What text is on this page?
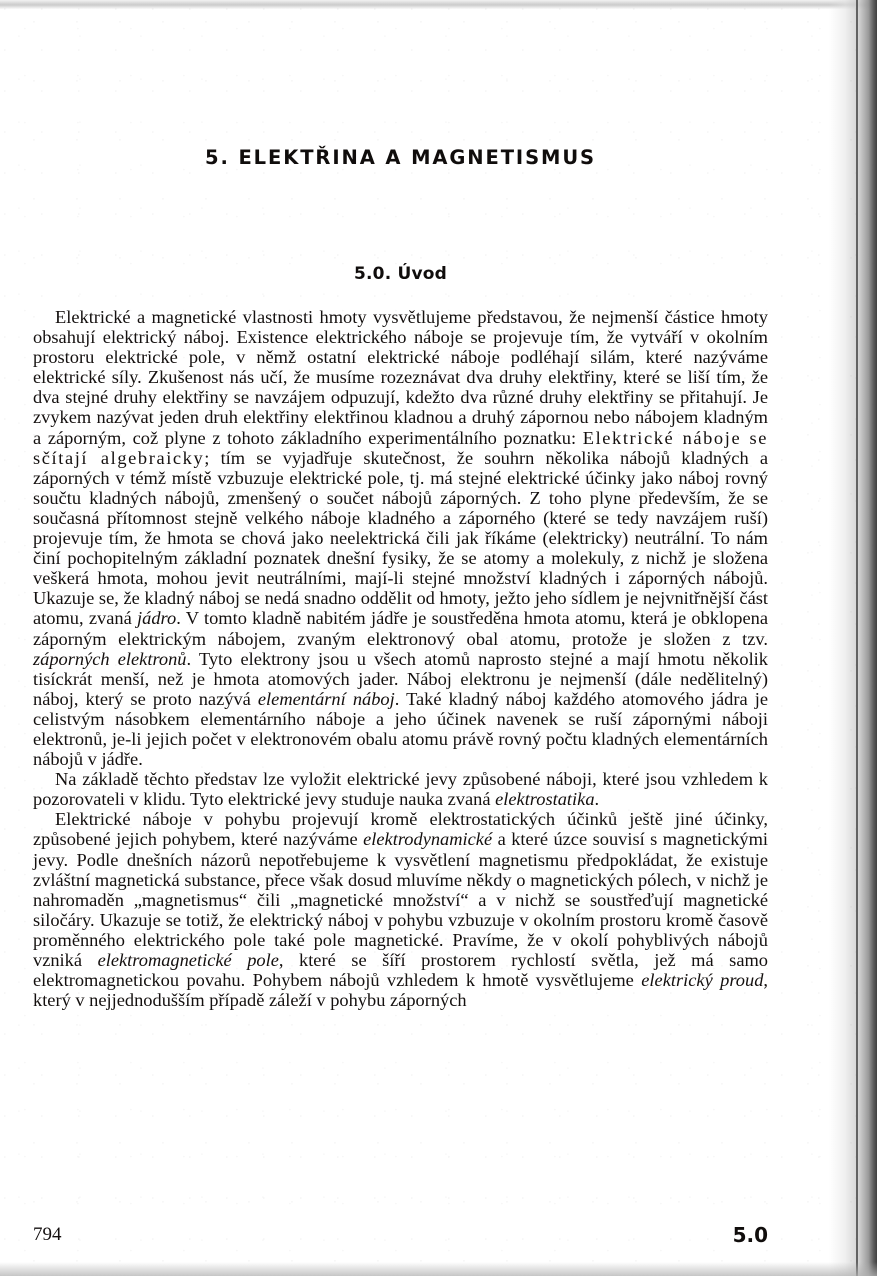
5. ELEKTŘINA A MAGNETISMUS
5.0. Úvod

Elektrické a magnetické vlastnosti hmoty vysvětlujeme představou, že nejmenší částice hmoty obsahují elektrický náboj. Existence elektrického náboje se projevuje tím, že vytváří v okolním prostoru elektrické pole, v němž ostatní elektrické náboje podléhají silám, které nazýváme elektrické síly. Zkušenost nás učí, že musíme rozeznávat dva druhy elektřiny, které se liší tím, že dva stejné druhy elektřiny se navzájem odpuzují, kdežto dva různé druhy elektřiny se přitahují. Je zvykem nazývat jeden druh elektřiny elektřinou kladnou a druhý zápornou nebo nábojem kladným a záporným, což plyne z tohoto základního experimentálního poznatku: Elektrické náboje se sčítají algebraicky; tím se vyjadřuje skutečnost, že souhrn několika nábojů kladných a záporných v témž místě vzbuzuje elektrické pole, tj. má stejné elektrické účinky jako náboj rovný součtu kladných nábojů, zmenšený o součet nábojů záporných. Z toho plyne především, že se současná přítomnost stejně velkého náboje kladného a záporného (které se tedy navzájem ruší) projevuje tím, že hmota se chová jako neelektrická čili jak říkáme (elektricky) neutrální. To nám činí pochopitelným základní poznatek dnešní fysiky, že se atomy a molekuly, z nichž je složena veškerá hmota, mohou jevit neutrálními, mají-li stejné množství kladných i záporných nábojů. Ukazuje se, že kladný náboj se nedá snadno oddělit od hmoty, ježto jeho sídlem je nejvnitřnější část atomu, zvaná jádro. V tomto kladně nabitém jádře je soustředěna hmota atomu, která je obklopena záporným elektrickým nábojem, zvaným elektronový obal atomu, protože je složen z tzv. záporných elektronů. Tyto elektrony jsou u všech atomů naprosto stejné a mají hmotu několik tisíckrát menší, než je hmota atomových jader. Náboj elektronu je nejmenší (dále nedělitelný) náboj, který se proto nazývá elementární náboj. Také kladný náboj každého atomového jádra je celistvým násobkem elementárního náboje a jeho účinek navenek se ruší zápornými náboji elektronů, je-li jejich počet v elektronovém obalu atomu právě rovný počtu kladných elementárních nábojů v jádře.

Na základě těchto představ lze vyložit elektrické jevy způsobené náboji, které jsou vzhledem k pozorovateli v klidu. Tyto elektrické jevy studuje nauka zvaná elektrostatika.

Elektrické náboje v pohybu projevují kromě elektrostatických účinků ještě jiné účinky, způsobené jejich pohybem, které nazýváme elektrodynamické a které úzce souvisí s magnetickými jevy. Podle dnešních názorů nepotřebujeme k vysvětlení magnetismu předpokládat, že existuje zvláštní magnetická substance, přece však dosud mluvíme někdy o magnetických pólech, v nichž je nahromaděn „magnetismus“ čili „magnetické množství“ a v nichž se soustřeďují magnetické siločáry. Ukazuje se totiž, že elektrický náboj v pohybu vzbuzuje v okolním prostoru kromě časově proměnného elektrického pole také pole magnetické. Pravíme, že v okolí pohyblivých nábojů vzniká elektromagnetické pole, které se šíří prostorem rychlostí světla, jež má samo elektromagnetickou povahu. Pohybem nábojů vzhledem k hmotě vysvětlujeme elektrický proud, který v nejjednodušším případě záleží v pohybu záporných

794	5.0
